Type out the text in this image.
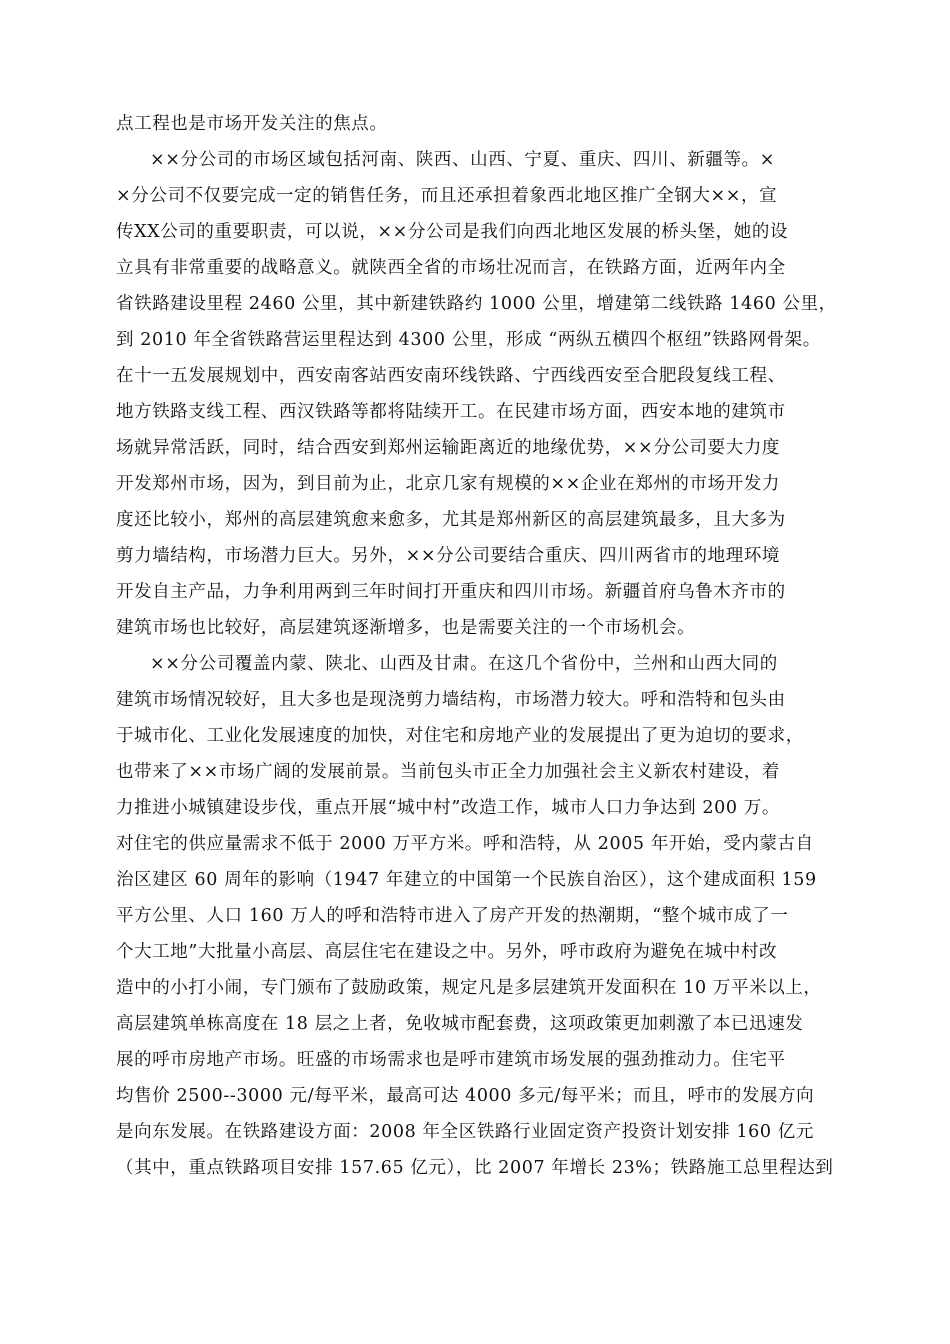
点工程也是市场开发关注的焦点。
××分公司的市场区域包括河南、陕西、山西、宁夏、重庆、四川、新疆等。×
×分公司不仅要完成一定的销售任务，而且还承担着象西北地区推广全钢大××，宣
传XX公司的重要职责，可以说，××分公司是我们向西北地区发展的桥头堡，她的设
立具有非常重要的战略意义。就陕西全省的市场壮况而言，在铁路方面，近两年内全
省铁路建设里程 2460 公里，其中新建铁路约 1000 公里，增建第二线铁路 1460 公里，
到 2010 年全省铁路营运里程达到 4300 公里，形成 “两纵五横四个枢纽”铁路网骨架。
在十一五发展规划中，西安南客站西安南环线铁路、宁西线西安至合肥段复线工程、
地方铁路支线工程、西汉铁路等都将陆续开工。在民建市场方面，西安本地的建筑市
场就异常活跃，同时，结合西安到郑州运输距离近的地缘优势，××分公司要大力度
开发郑州市场，因为，到目前为止，北京几家有规模的××企业在郑州的市场开发力
度还比较小，郑州的高层建筑愈来愈多，尤其是郑州新区的高层建筑最多，且大多为
剪力墙结构，市场潜力巨大。另外，××分公司要结合重庆、四川两省市的地理环境
开发自主产品，力争利用两到三年时间打开重庆和四川市场。新疆首府乌鲁木齐市的
建筑市场也比较好，高层建筑逐渐增多，也是需要关注的一个市场机会。
××分公司覆盖内蒙、陕北、山西及甘肃。在这几个省份中，兰州和山西大同的
建筑市场情况较好，且大多也是现浇剪力墙结构，市场潜力较大。呼和浩特和包头由
于城市化、工业化发展速度的加快，对住宅和房地产业的发展提出了更为迫切的要求，
也带来了××市场广阔的发展前景。当前包头市正全力加强社会主义新农村建设，着
力推进小城镇建设步伐，重点开展“城中村”改造工作，城市人口力争达到 200 万。
对住宅的供应量需求不低于 2000 万平方米。呼和浩特，从 2005 年开始，受内蒙古自
治区建区 60 周年的影响（1947 年建立的中国第一个民族自治区），这个建成面积 159
平方公里、人口 160 万人的呼和浩特市进入了房产开发的热潮期，“整个城市成了一
个大工地”大批量小高层、高层住宅在建设之中。另外，呼市政府为避免在城中村改
造中的小打小闹，专门颁布了鼓励政策，规定凡是多层建筑开发面积在 10 万平米以上，
高层建筑单栋高度在 18 层之上者，免收城市配套费，这项政策更加刺激了本已迅速发
展的呼市房地产市场。旺盛的市场需求也是呼市建筑市场发展的强劲推动力。住宅平
均售价 2500--3000 元/每平米，最高可达 4000 多元/每平米；而且，呼市的发展方向
是向东发展。在铁路建设方面：2008 年全区铁路行业固定资产投资计划安排 160 亿元
（其中，重点铁路项目安排 157.65 亿元），比 2007 年增长 23%；铁路施工总里程达到
